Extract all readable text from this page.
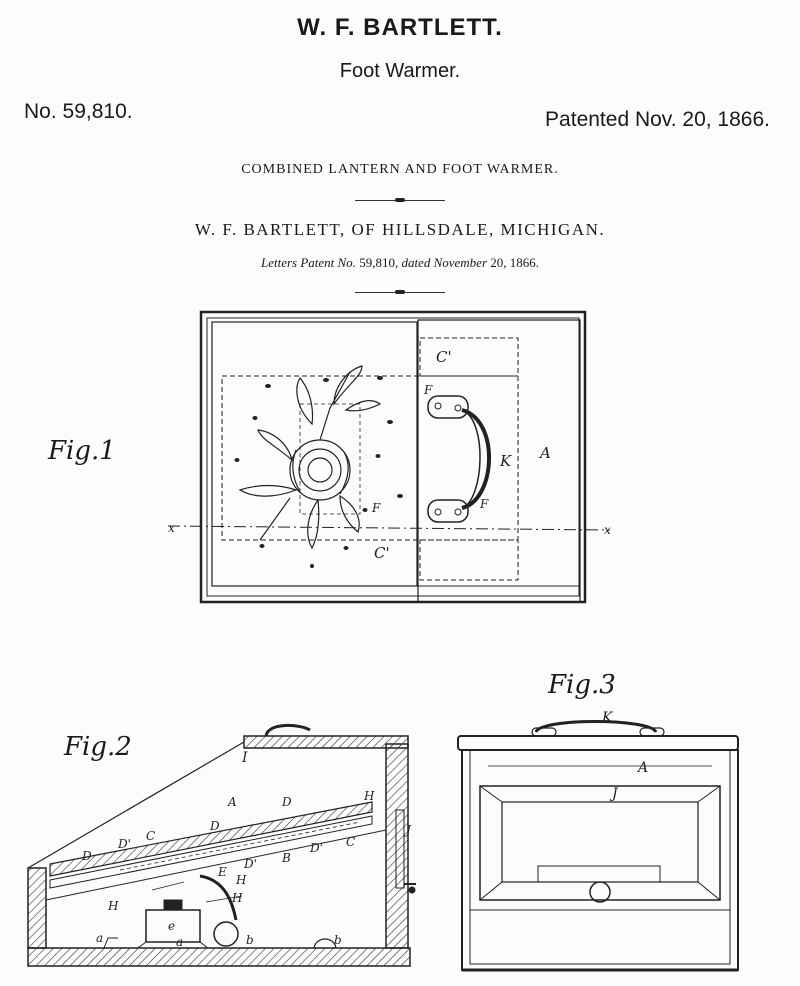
W. F. BARTLETT.
Foot Warmer.
No. 59,810.	Patented Nov. 20, 1866.
COMBINED LANTERN AND FOOT WARMER.
W. F. BARTLETT, OF HILLSDALE, MICHIGAN.
Letters Patent No. 59,810, dated November 20, 1866.
Fig.1
Fig.2
Fig.3
C'
C'
F
F	F
K A
x	x
I
A
D
D
D
D'
D'
D'
C	C
H
H
H
H
B
E
e
J
a	a	b	b
K
A
J
